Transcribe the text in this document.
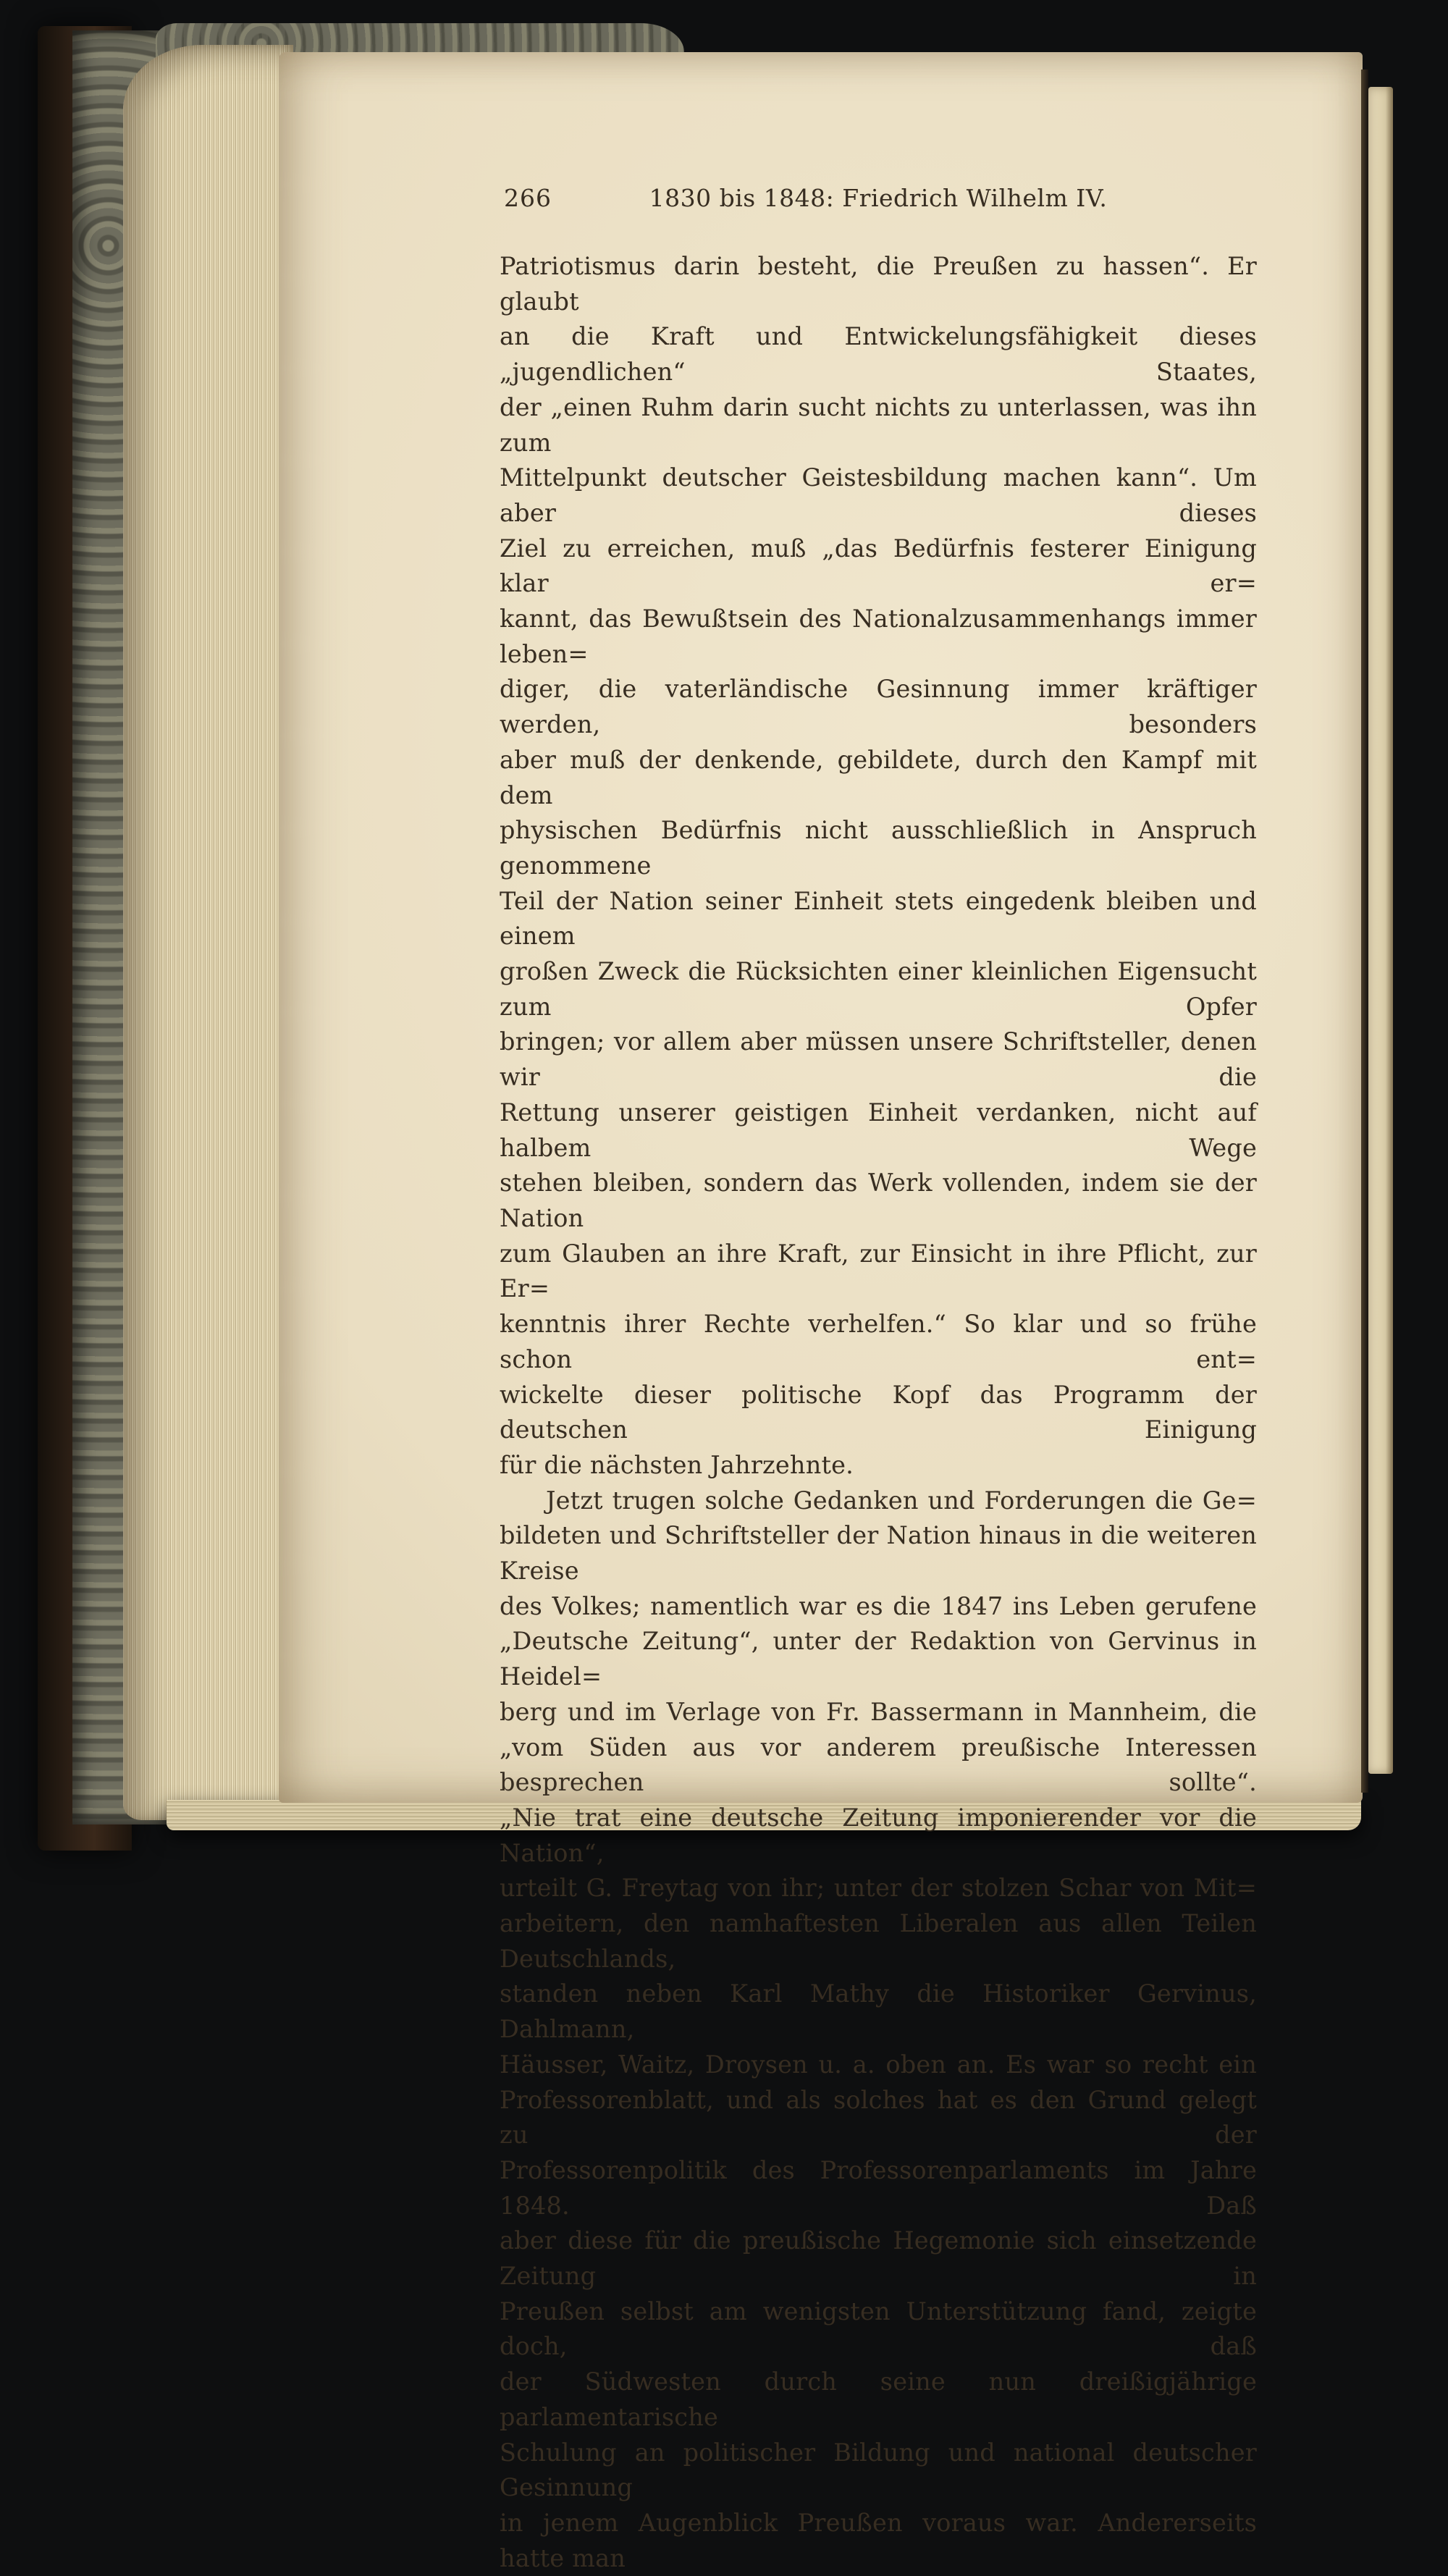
266	1830 bis 1848: Friedrich Wilhelm IV.
Patriotismus darin besteht, die Preußen zu hassen“. Er glaubt
an die Kraft und Entwickelungsfähigkeit dieses „jugendlichen“ Staates,
der „einen Ruhm darin sucht nichts zu unterlassen, was ihn zum
Mittelpunkt deutscher Geistesbildung machen kann“. Um aber dieses
Ziel zu erreichen, muß „das Bedürfnis festerer Einigung klar er=
kannt, das Bewußtsein des Nationalzusammenhangs immer leben=
diger, die vaterländische Gesinnung immer kräftiger werden, besonders
aber muß der denkende, gebildete, durch den Kampf mit dem
physischen Bedürfnis nicht ausschließlich in Anspruch genommene
Teil der Nation seiner Einheit stets eingedenk bleiben und einem
großen Zweck die Rücksichten einer kleinlichen Eigensucht zum Opfer
bringen; vor allem aber müssen unsere Schriftsteller, denen wir die
Rettung unserer geistigen Einheit verdanken, nicht auf halbem Wege
stehen bleiben, sondern das Werk vollenden, indem sie der Nation
zum Glauben an ihre Kraft, zur Einsicht in ihre Pflicht, zur Er=
kenntnis ihrer Rechte verhelfen.“ So klar und so frühe schon ent=
wickelte dieser politische Kopf das Programm der deutschen Einigung
für die nächsten Jahrzehnte.
Jetzt trugen solche Gedanken und Forderungen die Ge=
bildeten und Schriftsteller der Nation hinaus in die weiteren Kreise
des Volkes; namentlich war es die 1847 ins Leben gerufene
„Deutsche Zeitung“, unter der Redaktion von Gervinus in Heidel=
berg und im Verlage von Fr. Bassermann in Mannheim, die
„vom Süden aus vor anderem preußische Interessen besprechen sollte“.
„Nie trat eine deutsche Zeitung imponierender vor die Nation“,
urteilt G. Freytag von ihr; unter der stolzen Schar von Mit=
arbeitern, den namhaftesten Liberalen aus allen Teilen Deutschlands,
standen neben Karl Mathy die Historiker Gervinus, Dahlmann,
Häusser, Waitz, Droysen u. a. oben an. Es war so recht ein
Professorenblatt, und als solches hat es den Grund gelegt zu der
Professorenpolitik des Professorenparlaments im Jahre 1848. Daß
aber diese für die preußische Hegemonie sich einsetzende Zeitung in
Preußen selbst am wenigsten Unterstützung fand, zeigte doch, daß
der Südwesten durch seine nun dreißigjährige parlamentarische
Schulung an politischer Bildung und national deutscher Gesinnung
in jenem Augenblick Preußen voraus war. Andererseits hatte man
